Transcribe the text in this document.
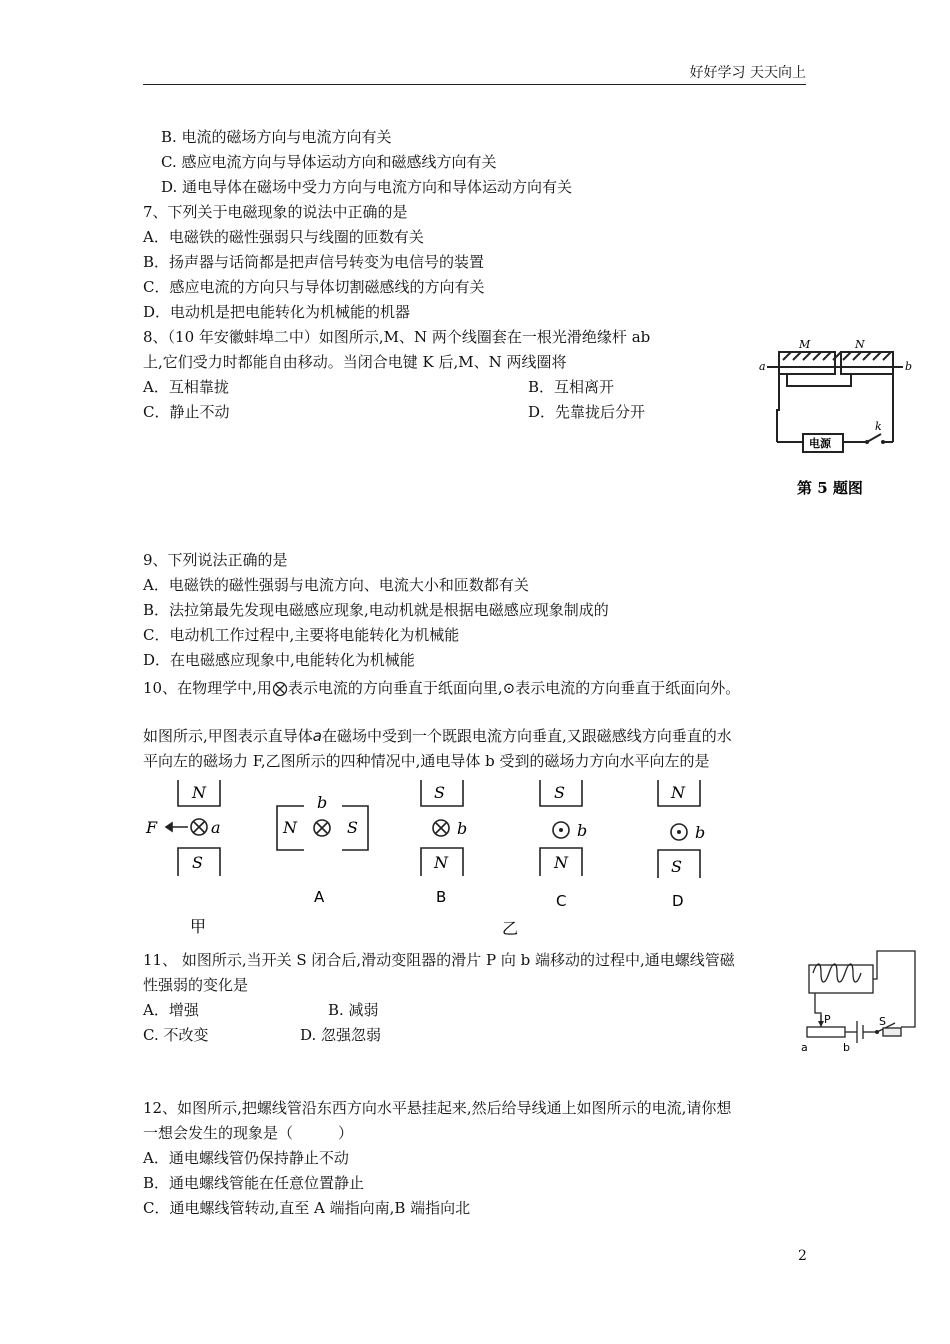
好好学习 天天向上
B. 电流的磁场方向与电流方向有关
C. 感应电流方向与导体运动方向和磁感线方向有关
D. 通电导体在磁场中受力方向与电流方向和导体运动方向有关
7、下列关于电磁现象的说法中正确的是
A．电磁铁的磁性强弱只与线圈的匝数有关
B．扬声器与话筒都是把声信号转变为电信号的装置
C．感应电流的方向只与导体切割磁感线的方向有关
D．电动机是把电能转化为机械能的机器
8、（10 年安徽蚌埠二中）如图所示,M、N 两个线圈套在一根光滑绝缘杆 ab
上,它们受力时都能自由移动。当闭合电键 K 后,M、N 两线圈将
A．互相靠拢	B．互相离开
C．静止不动	D．先靠拢后分开
a	b
M	N
k
电源
第 5 题图
9、下列说法正确的是
A．电磁铁的磁性强弱与电流方向、电流大小和匝数都有关
B．法拉第最先发现电磁感应现象,电动机就是根据电磁感应现象制成的
C．电动机工作过程中,主要将电能转化为机械能
D．在电磁感应现象中,电能转化为机械能
10、在物理学中,用 表示电流的方向垂直于纸面向里,⊙表示电流的方向垂直于纸面向外。
如图所示,甲图表示直导体a在磁场中受到一个既跟电流方向垂直,又跟磁感线方向垂直的水
平向左的磁场力 F,乙图所示的四种情况中,通电导体 b 受到的磁场力方向水平向左的是
N
S
F	a	N	S
b
S
N
b
S
N
b
N
S
b
A	B	C	D
甲	乙
11、 如图所示,当开关 S 闭合后,滑动变阻器的滑片 P 向 b 端移动的过程中,通电螺线管磁
性强弱的变化是
A．增强	B. 减弱
C. 不改变	D. 忽强忽弱
P	S
a	b
12、如图所示,把螺线管沿东西方向水平悬挂起来,然后给导线通上如图所示的电流,请你想
一想会发生的现象是（　　　）
A．通电螺线管仍保持静止不动
B．通电螺线管能在任意位置静止
C．通电螺线管转动,直至 A 端指向南,B 端指向北
2
